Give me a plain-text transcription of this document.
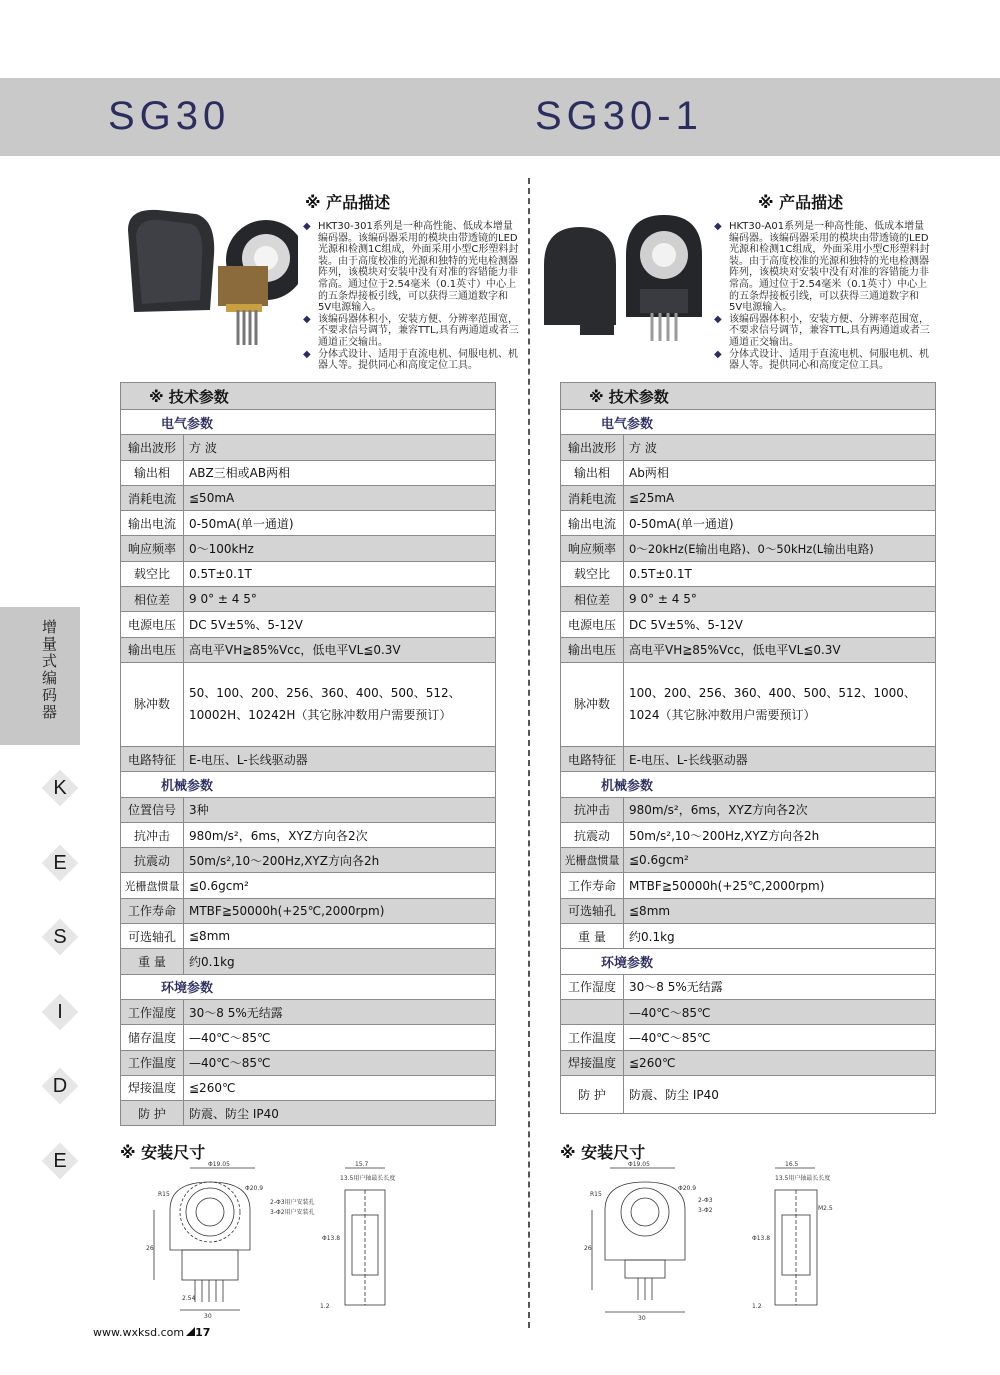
SG30	SG30-1
※ 产品描述
◆ HKT30-301系列是一种高性能、低成本增量编码器。该编码器采用的模块由带透镜的LED光源和检测1C组成，外面采用小型C形塑料封装。由于高度校准的光源和独特的光电检测器阵列，该模块对安装中没有对准的容错能力非常高。通过位于2.54毫米（0.1英寸）中心上的五条焊接板引线，可以获得三通道数字和5V电源输入。
◆ 该编码器体积小，安装方便、分辨率范围宽，不要求信号调节，兼容TTL,具有两通道或者三通道正交输出。
◆ 分体式设计、适用于直流电机、伺服电机、机器人等。提供同心和高度定位工具。
※ 技术参数	
电气参数	
输出波形	方 波
输出相	ABZ三相或AB两相
消耗电流	≦50mA
输出电流	0-50mA(单一通道)
响应频率	0～100kHz
载空比	0.5T±0.1T
相位差	9 0° ± 4 5°
电源电压	DC 5V±5%、5-12V
输出电压	高电平VH≧85%Vcc，低电平VL≦0.3V
脉冲数	50、100、200、256、360、400、500、512、
10002H、10242H（其它脉冲数用户需要预订）

电路特征	E-电压、L-长线驱动器
机械参数	
位置信号	3种
抗冲击	980m/s²，6ms，XYZ方向各2次
抗震动	50m/s²,10～200Hz,XYZ方向各2h
光栅盘惯量	≦0.6gcm²
工作寿命	MTBF≧50000h(+25℃,2000rpm)
可选轴孔	≦8mm
重 量	约0.1kg
环境参数	
工作湿度	30～8 5%无结露
储存温度	—40℃～85℃
工作温度	—40℃～85℃
焊接温度	≦260℃
防 护	防震、防尘 IP40
※ 产品描述
◆ HKT30-A01系列是一种高性能、低成本增量编码器。该编码器采用的模块由带透镜的LED光源和检测1C组成，外面采用小型C形塑料封装。由于高度校准的光源和独特的光电检测器阵列，该模块对安装中没有对准的容错能力非常高。通过位于2.54毫米（0.1英寸）中心上的五条焊接板引线，可以获得三通道数字和5V电源输入。
◆ 该编码器体积小，安装方便、分辨率范围宽，不要求信号调节，兼容TTL,具有两通道或者三通道正交输出。
◆ 分体式设计、适用于直流电机、伺服电机、机器人等。提供同心和高度定位工具。
※ 技术参数	
电气参数	
输出波形	方 波
输出相	Ab两相
消耗电流	≦25mA
输出电流	0-50mA(单一通道)
响应频率	0～20kHz(E输出电路)、0～50kHz(L输出电路)
载空比	0.5T±0.1T
相位差	9 0° ± 4 5°
电源电压	DC 5V±5%、5-12V
输出电压	高电平VH≧85%Vcc，低电平VL≦0.3V
脉冲数	100、200、256、360、400、500、512、1000、
1024（其它脉冲数用户需要预订）

电路特征	E-电压、L-长线驱动器
机械参数	
抗冲击	980m/s²，6ms，XYZ方向各2次
抗震动	50m/s²,10～200Hz,XYZ方向各2h
光栅盘惯量	≦0.6gcm²
工作寿命	MTBF≧50000h(+25℃,2000rpm)
可选轴孔	≦8mm
重 量	约0.1kg
环境参数	
工作湿度	30～8 5%无结露
	—40℃～85℃
工作温度	—40℃～85℃
焊接温度	≦260℃
防 护	防震、防尘 IP40
增量式编码器
K
E
S
I
D
E	※ 安装尺寸	※ 安装尺寸
Φ19.05
Φ20.9
2-Φ3用户安装孔
3-Φ2用户安装孔
R15
26
30
2.54
15.7
13.5用户轴最长长度
Φ13.8
1.2
Φ19.05
Φ20.9
2-Φ3
3-Φ2
R15
26
30
16.5
13.5用户轴最长长度
M2.5
Φ13.8
1.2
www.wxksd.com 17
